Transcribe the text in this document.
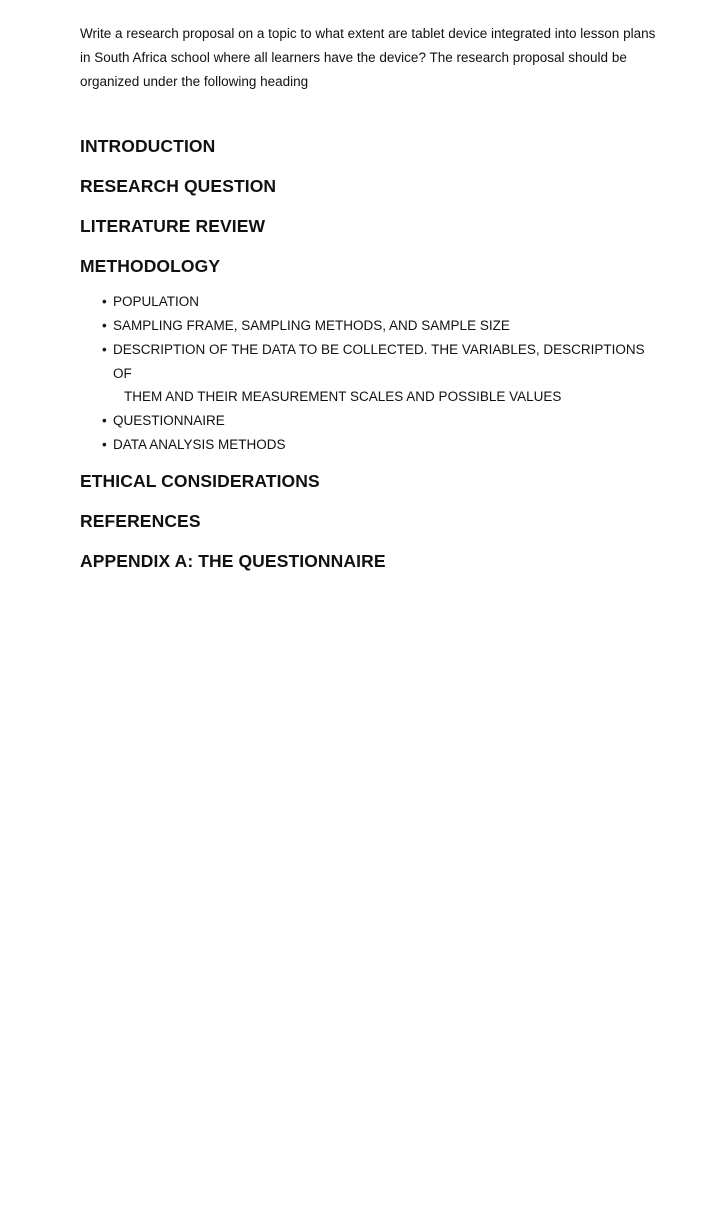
Write a research proposal on a topic to what extent are tablet device integrated into lesson plans in South Africa school where all learners have the device? The research proposal should be organized under the following heading

INTRODUCTION
RESEARCH QUESTION
LITERATURE REVIEW
METHODOLOGY
• POPULATION
• SAMPLING FRAME, SAMPLING METHODS, AND SAMPLE SIZE
• DESCRIPTION OF THE DATA TO BE COLLECTED. THE VARIABLES, DESCRIPTIONS OF
THEM AND THEIR MEASUREMENT SCALES AND POSSIBLE VALUES
• QUESTIONNAIRE
• DATA ANALYSIS METHODS
ETHICAL CONSIDERATIONS
REFERENCES
APPENDIX A: THE QUESTIONNAIRE
